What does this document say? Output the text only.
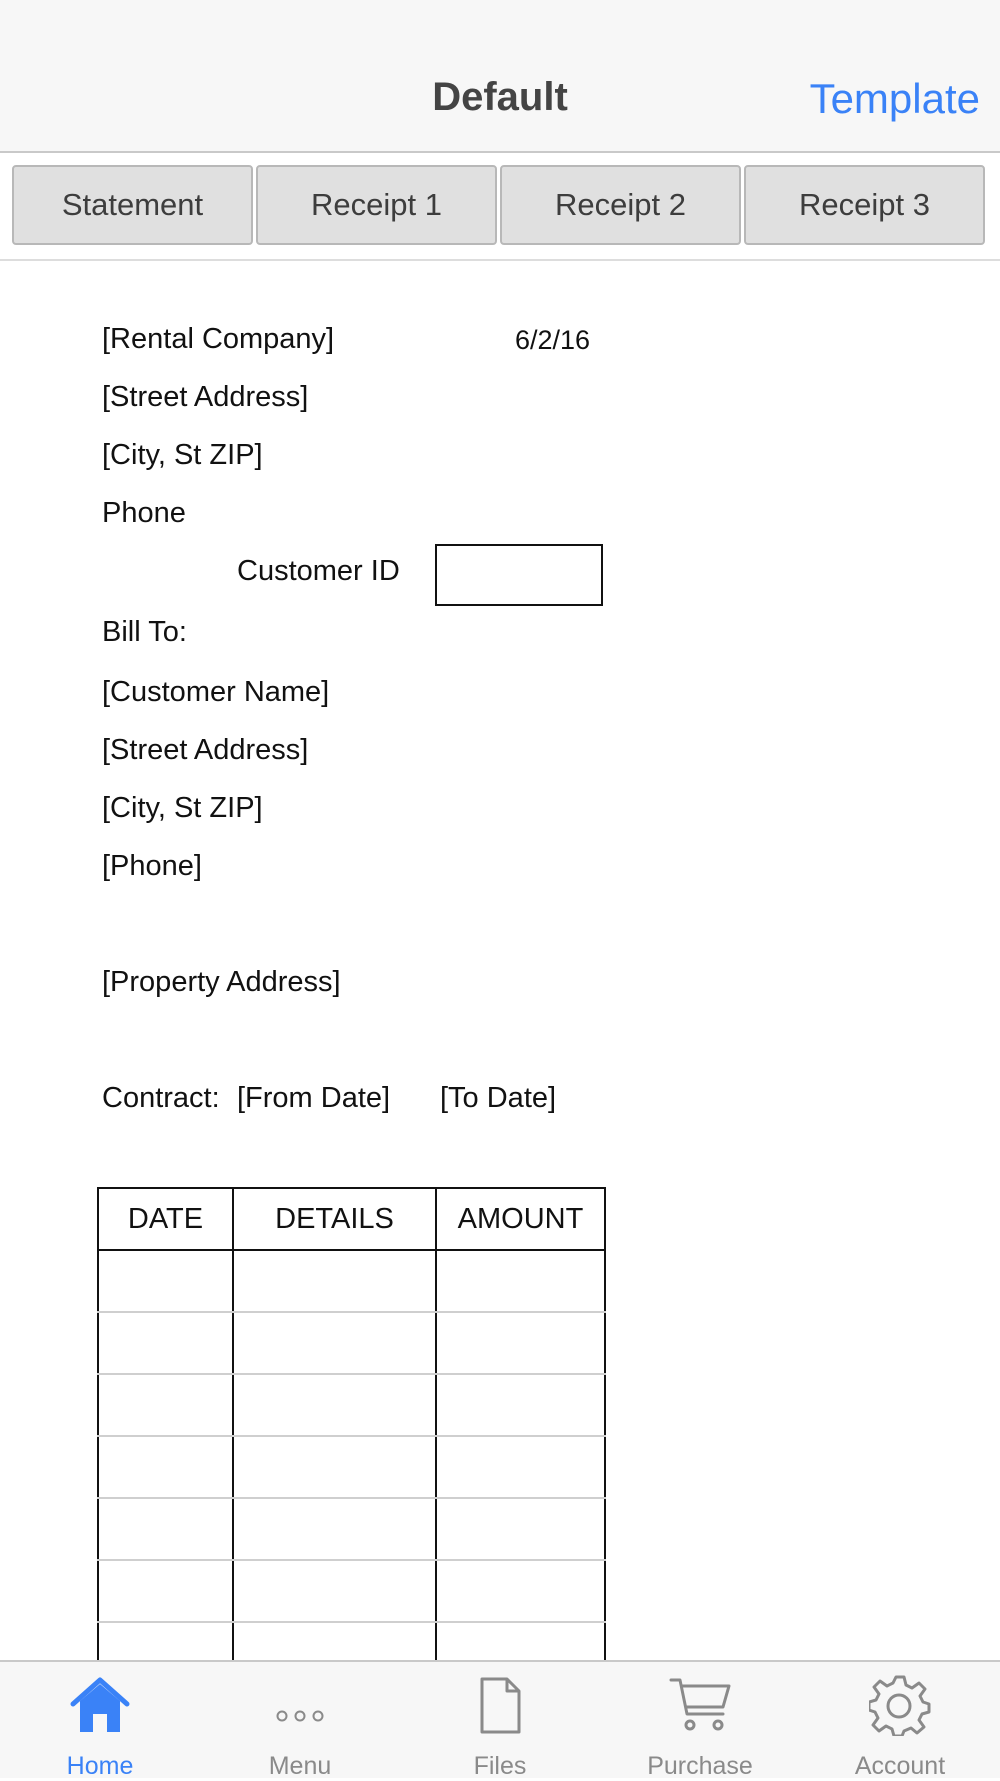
Default	Template
Statement	Receipt 1	Receipt 2	Receipt 3
[Rental Company]	6/2/16
[Street Address]
[City, St ZIP]
Phone
Customer ID
Bill To:
[Customer Name]
[Street Address]
[City, St ZIP]
[Phone]
[Property Address]
Contract: [From Date] [To Date]
DATE	DETAILS	AMOUNT

Home	Menu	Files	Purchase	Account
